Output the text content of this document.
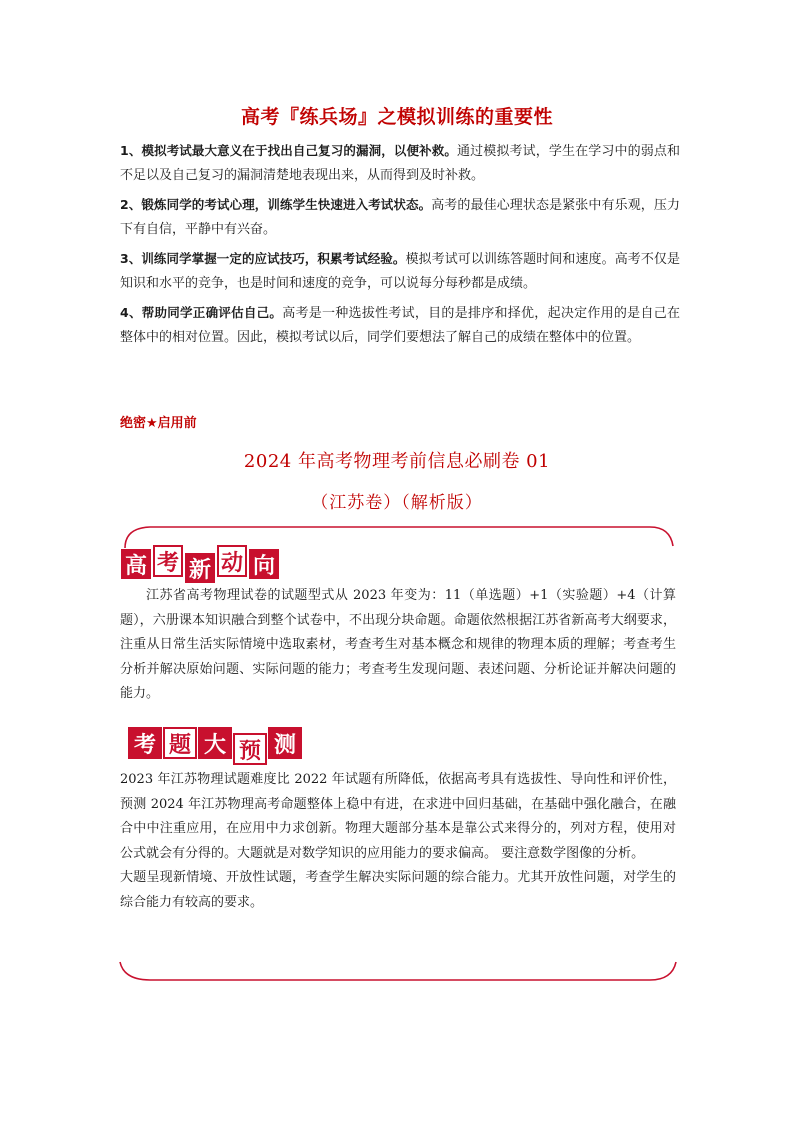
高考『练兵场』之模拟训练的重要性

1、模拟考试最大意义在于找出自己复习的漏洞，以便补救。通过模拟考试，学生在学习中的弱点和不足以及自己复习的漏洞清楚地表现出来，从而得到及时补救。

2、锻炼同学的考试心理，训练学生快速进入考试状态。高考的最佳心理状态是紧张中有乐观，压力下有自信，平静中有兴奋。

3、训练同学掌握一定的应试技巧，积累考试经验。模拟考试可以训练答题时间和速度。高考不仅是知识和水平的竞争，也是时间和速度的竞争，可以说每分每秒都是成绩。

4、帮助同学正确评估自己。高考是一种选拔性考试，目的是排序和择优，起决定作用的是自己在整体中的相对位置。因此，模拟考试以后，同学们要想法了解自己的成绩在整体中的位置。

绝密★启用前
2024 年高考物理考前信息必刷卷 01
（江苏卷）（解析版）
高 考 新 动 向
江苏省高考物理试卷的试题型式从 2023 年变为：11（单选题）+1（实验题）+4（计算题），六册课本知识融合到整个试卷中，不出现分块命题。命题依然根据江苏省新高考大纲要求，注重从日常生活实际情境中选取素材，考查考生对基本概念和规律的物理本质的理解；考查考生分析并解决原始问题、实际问题的能力；考查考生发现问题、表述问题、分析论证并解决问题的能力。
考 题 大 预 测

2023 年江苏物理试题难度比 2022 年试题有所降低，依据高考具有选拔性、导向性和评价性，预测 2024 年江苏物理高考命题整体上稳中有进，在求进中回归基础，在基础中强化融合，在融合中中注重应用，在应用中力求创新。物理大题部分基本是靠公式来得分的，列对方程，使用对公式就会有分得的。大题就是对数学知识的应用能力的要求偏高。 要注意数学图像的分析。

大题呈现新情境、开放性试题，考查学生解决实际问题的综合能力。尤其开放性问题，对学生的综合能力有较高的要求。
